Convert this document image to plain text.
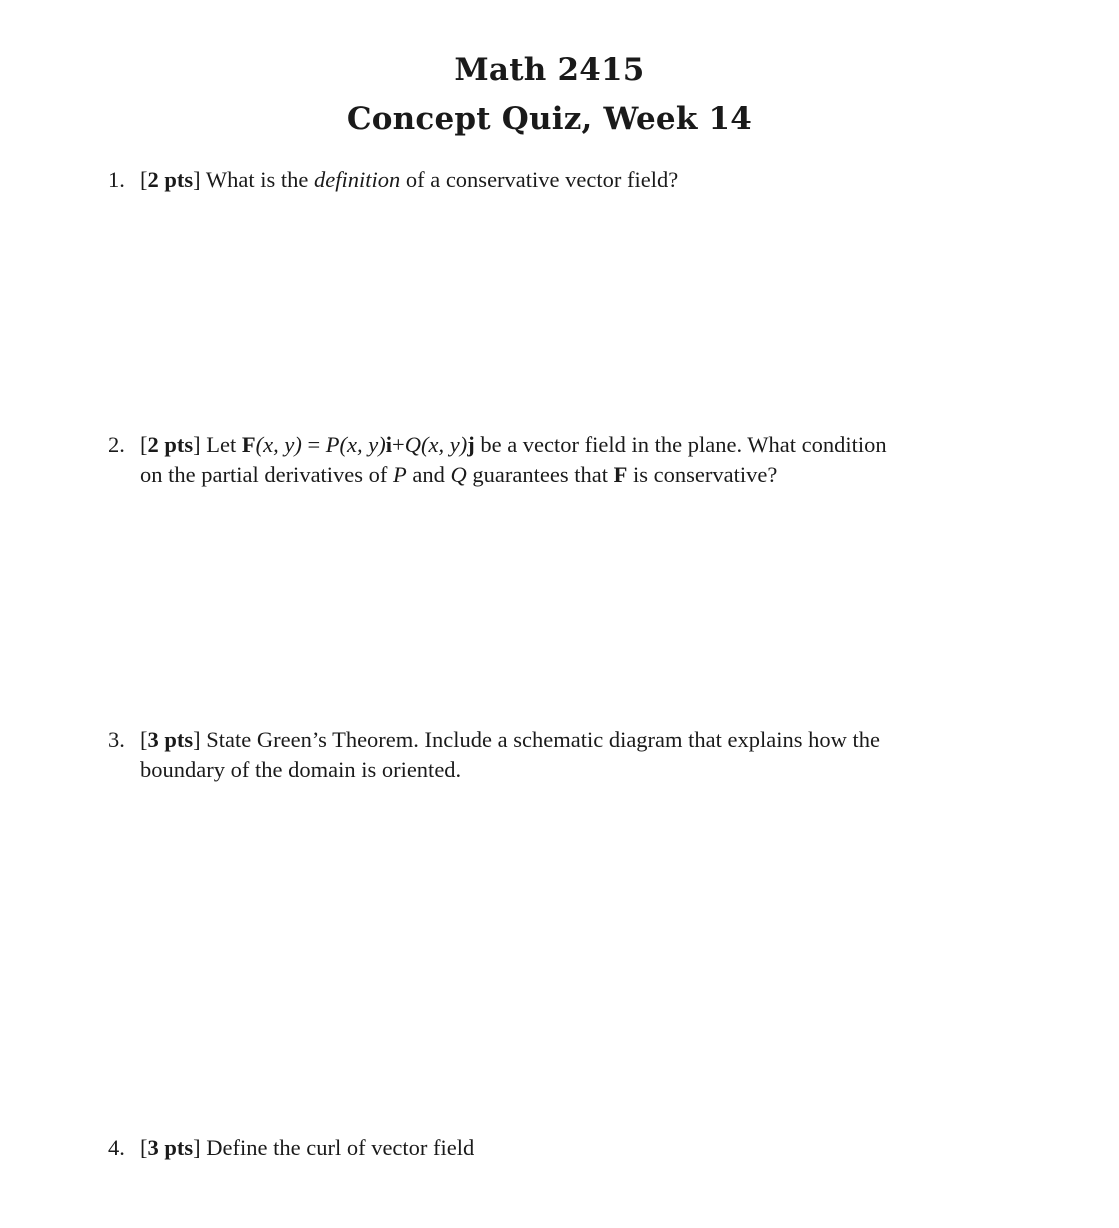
Math 2415
Concept Quiz, Week 14
1. [2 pts] What is the definition of a conservative vector field?
2. [2 pts] Let F(x, y) = P(x, y)i+Q(x, y)j be a vector field in the plane. What condition
on the partial derivatives of P and Q guarantees that F is conservative?
3. [3 pts] State Green’s Theorem. Include a schematic diagram that explains how the
boundary of the domain is oriented.
4. [3 pts] Define the curl of vector field
